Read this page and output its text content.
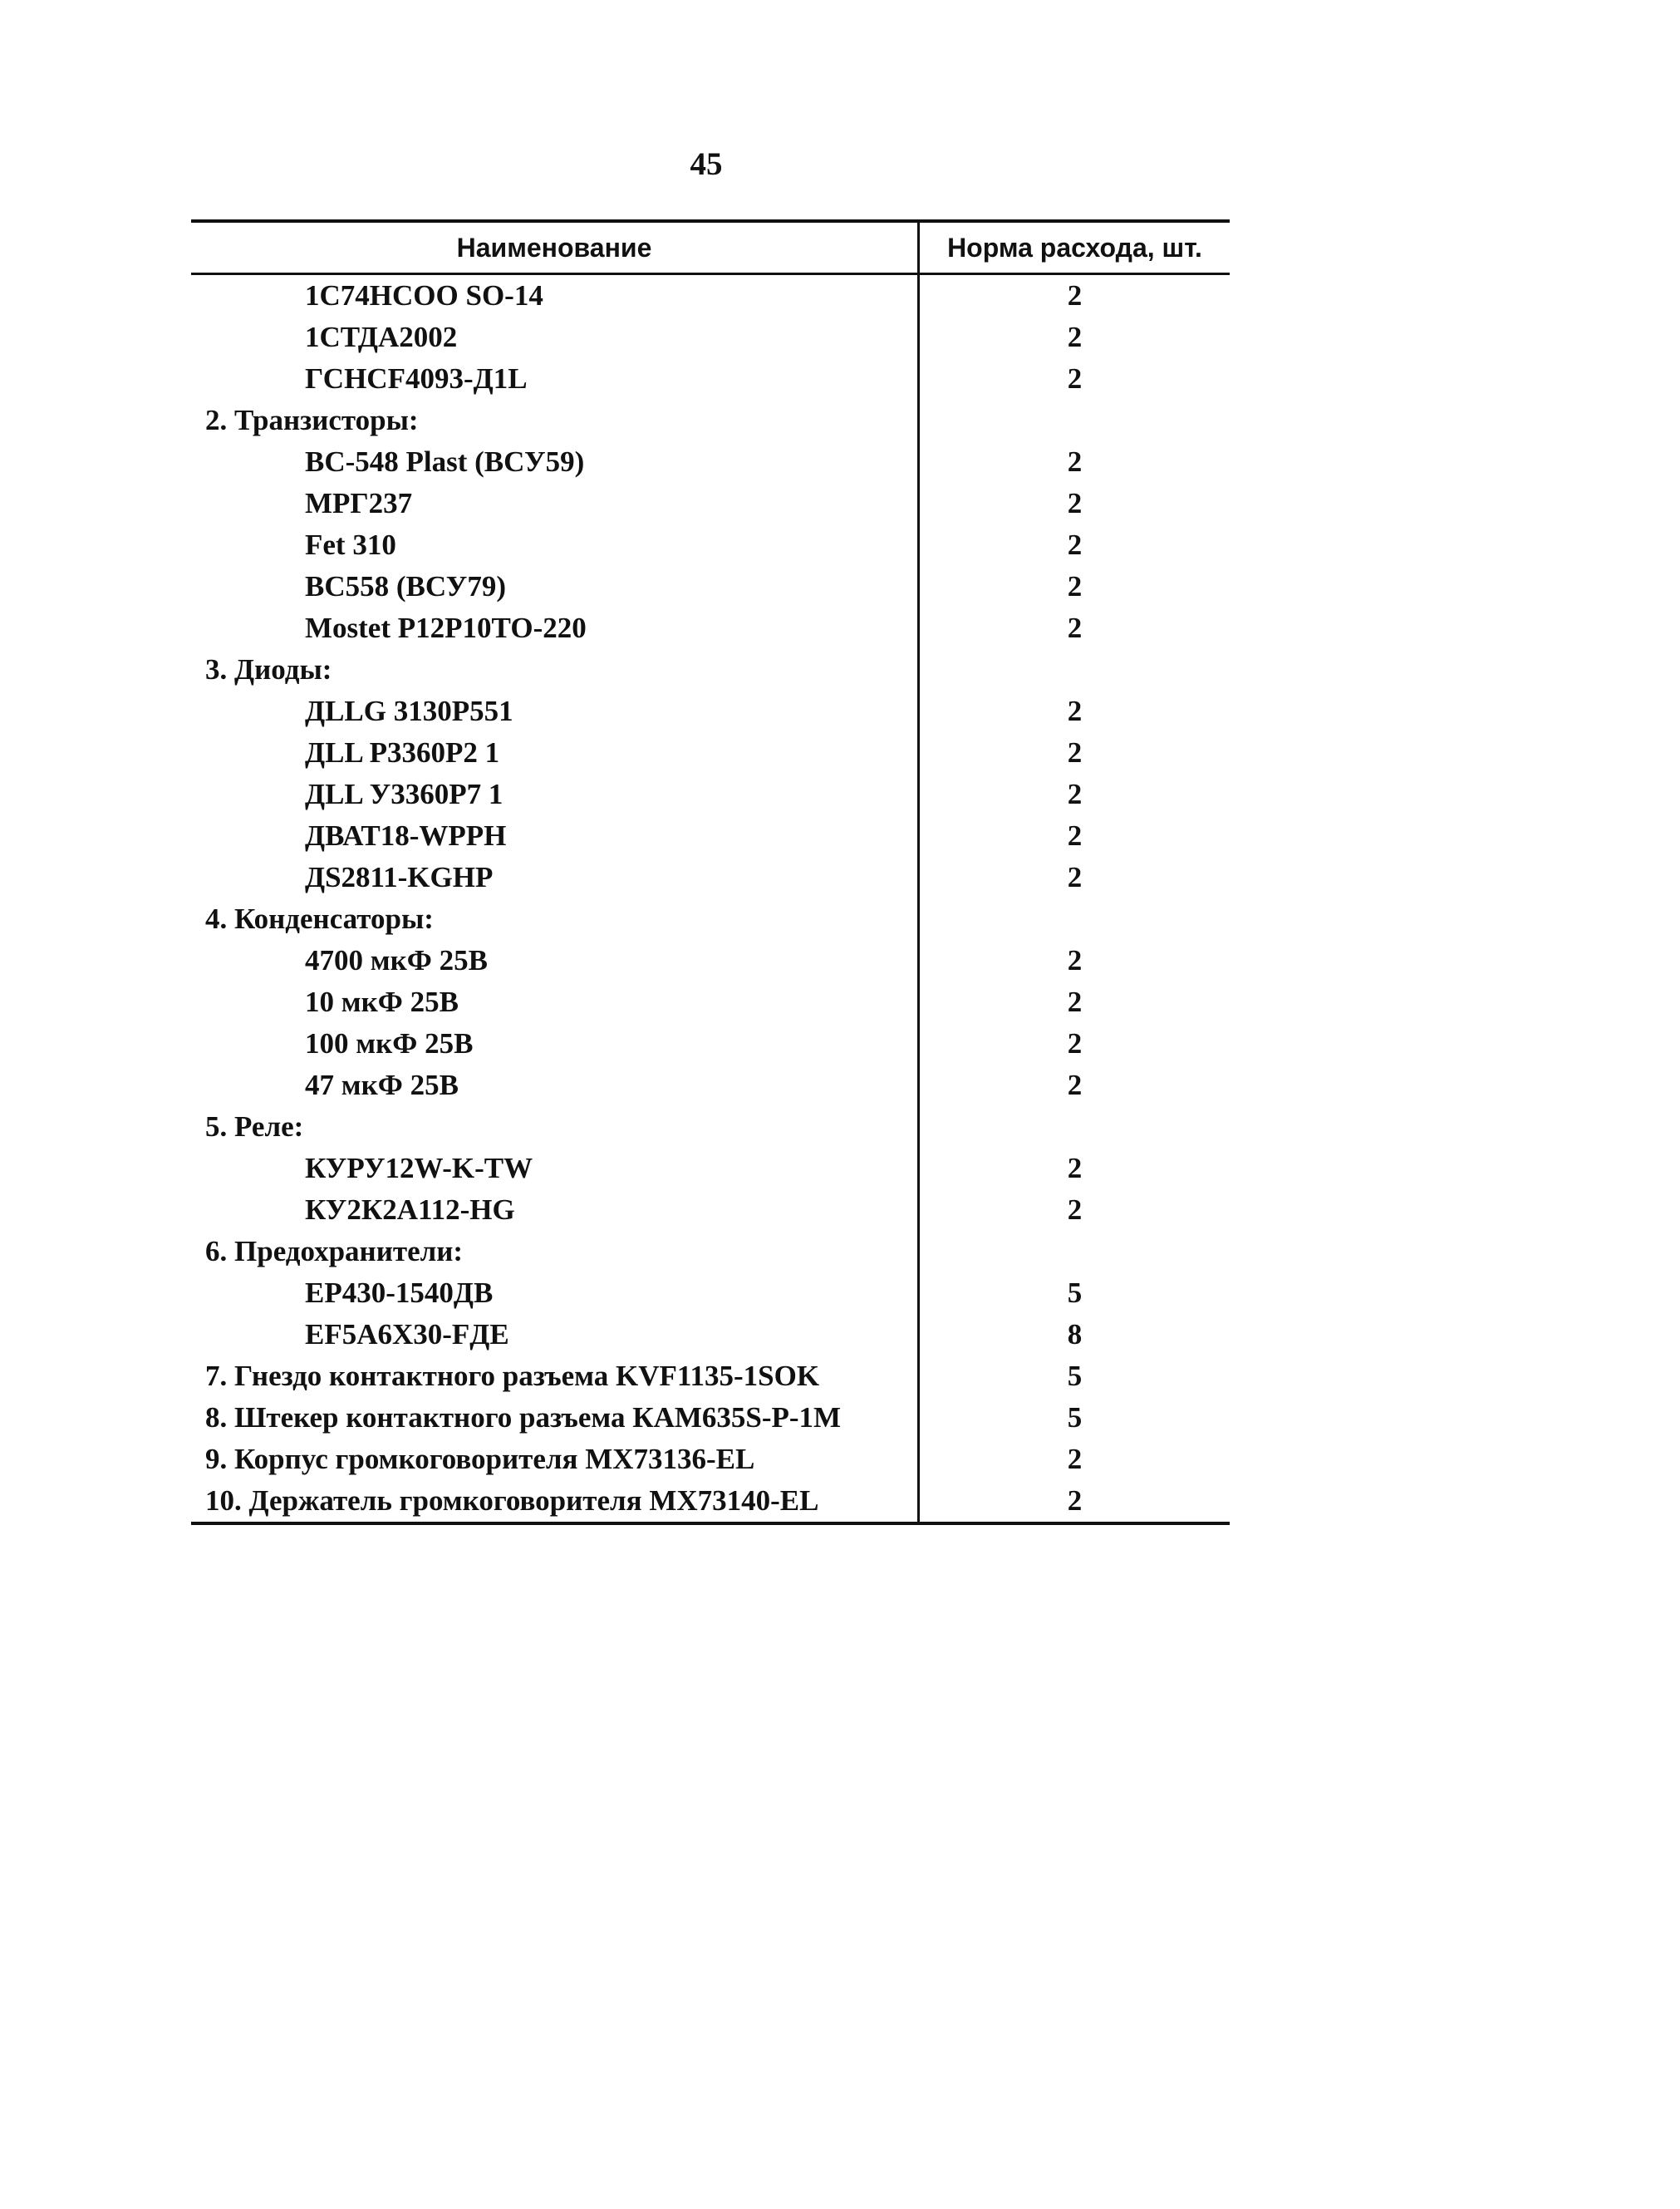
45
Наименование	Норма расхода, шт.
1С74НСОО SO-14	2
1СТДА2002	2
ГСНСF4093-Д1L	2
2. Транзисторы:
ВС-548 Plast (ВСУ59)	2
МРГ237	2
Fet 310	2
ВС558 (ВСУ79)	2
Mostet Р12Р10ТО-220	2
3. Диоды:
ДLLG 3130Р551	2
ДLL Р3360Р2 1	2
ДLL У3360Р7 1	2
ДВАТ18-WPPH	2
ДS2811-KGHP	2
4. Конденсаторы:
4700 мкФ 25В	2
10 мкФ 25В	2
100 мкФ 25В	2
47 мкФ 25В	2
5. Реле:
КУРУ12W-K-TW	2
КУ2К2А112-HG	2
6. Предохранители:
ЕР430-1540ДВ	5
ЕF5А6Х30-FДЕ	8
7. Гнездо контактного разъема KVF1135-1SOK	5
8. Штекер контактного разъема КАМ635S-Р-1М	5
9. Корпус громкоговорителя МХ73136-EL	2
10. Держатель громкоговорителя МХ73140-EL	2
